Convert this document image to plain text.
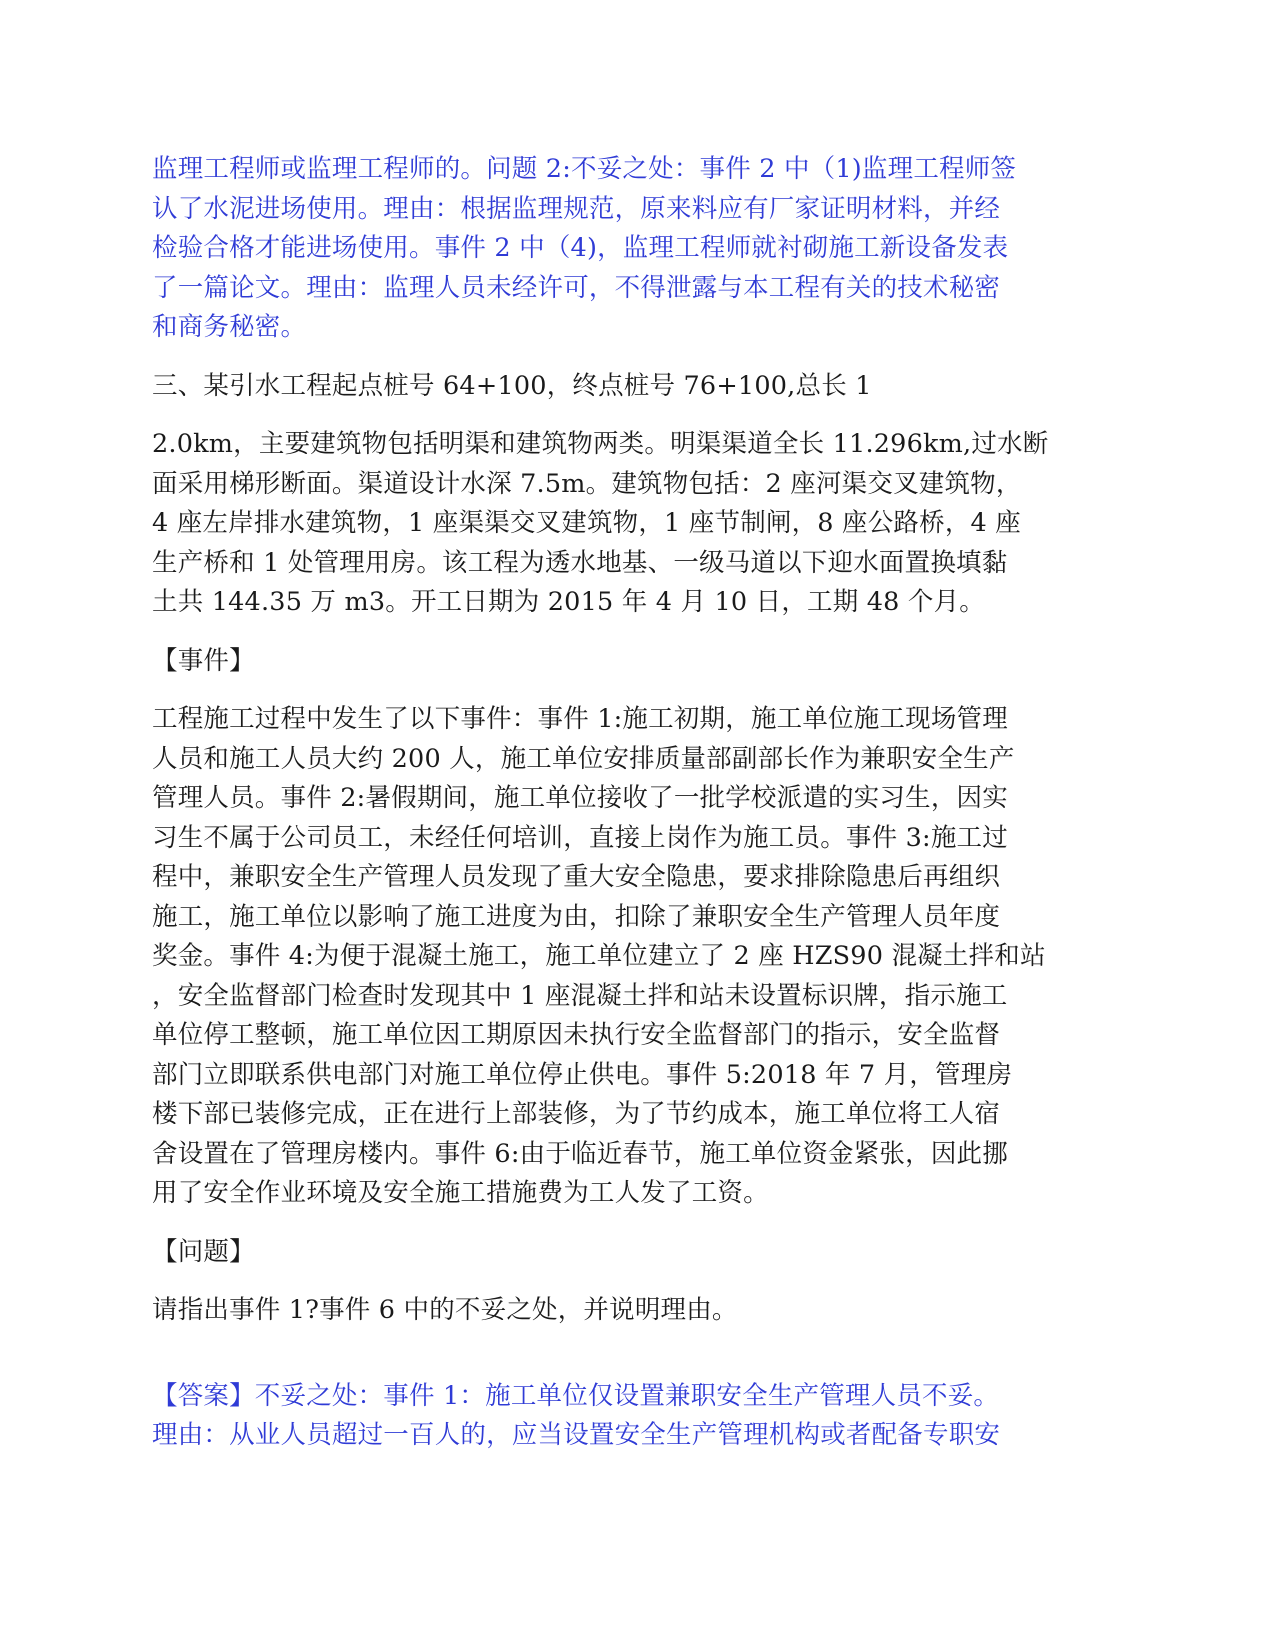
监理工程师或监理工程师的。问题 2:不妥之处：事件 2 中（1)监理工程师签
认了水泥进场使用。理由：根据监理规范，原来料应有厂家证明材料，并经
检验合格才能进场使用。事件 2 中（4)，监理工程师就衬砌施工新设备发表
了一篇论文。理由：监理人员未经许可，不得泄露与本工程有关的技术秘密
和商务秘密。

三、某引水工程起点桩号 64+100，终点桩号 76+100,总长 1

2.0km，主要建筑物包括明渠和建筑物两类。明渠渠道全长 11.296km,过水断
面采用梯形断面。渠道设计水深 7.5m。建筑物包括：2 座河渠交叉建筑物，
4 座左岸排水建筑物，1 座渠渠交叉建筑物，1 座节制闸，8 座公路桥，4 座
生产桥和 1 处管理用房。该工程为透水地基、一级马道以下迎水面置换填黏
土共 144.35 万 m3。开工日期为 2015 年 4 月 10 日，工期 48 个月。

【事件】

工程施工过程中发生了以下事件：事件 1:施工初期，施工单位施工现场管理
人员和施工人员大约 200 人，施工单位安排质量部副部长作为兼职安全生产
管理人员。事件 2:暑假期间，施工单位接收了一批学校派遣的实习生，因实
习生不属于公司员工，未经任何培训，直接上岗作为施工员。事件 3:施工过
程中，兼职安全生产管理人员发现了重大安全隐患，要求排除隐患后再组织
施工，施工单位以影响了施工进度为由，扣除了兼职安全生产管理人员年度
奖金。事件 4:为便于混凝土施工，施工单位建立了 2 座 HZS90 混凝土拌和站
，安全监督部门检查时发现其中 1 座混凝土拌和站未设置标识牌，指示施工
单位停工整顿，施工单位因工期原因未执行安全监督部门的指示，安全监督
部门立即联系供电部门对施工单位停止供电。事件 5:2018 年 7 月，管理房
楼下部已装修完成，正在进行上部装修，为了节约成本，施工单位将工人宿
舍设置在了管理房楼内。事件 6:由于临近春节，施工单位资金紧张，因此挪
用了安全作业环境及安全施工措施费为工人发了工资。

【问题】

请指出事件 1?事件 6 中的不妥之处，并说明理由。

【答案】不妥之处：事件 1：施工单位仅设置兼职安全生产管理人员不妥。
理由：从业人员超过一百人的，应当设置安全生产管理机构或者配备专职安
